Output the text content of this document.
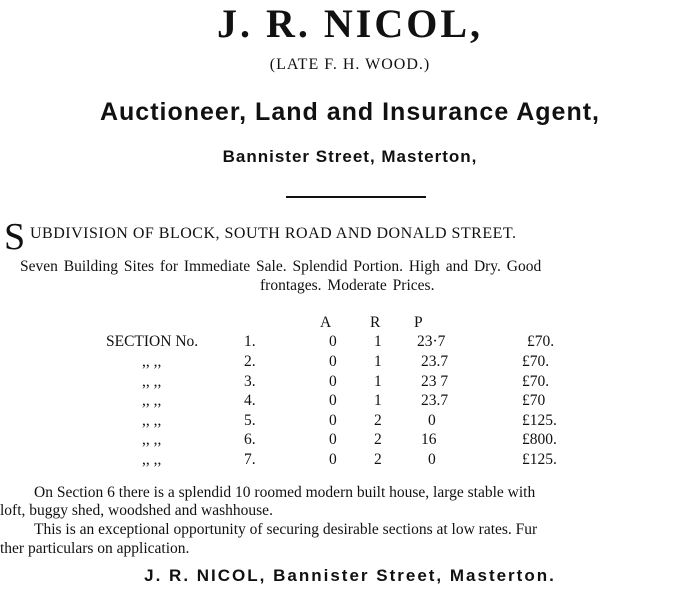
J. R. NICOL,
(LATE F. H. WOOD.)
Auctioneer, Land and Insurance Agent,
Bannister Street, Masterton,
S UBDIVISION OF BLOCK, SOUTH ROAD AND DONALD STREET.
Seven Building Sites for Immediate Sale. Splendid Portion. High and Dry. Good
frontages. Moderate Prices.
A	R P
SECTION No.	1.	0 1 23·7	£70.
,, ,,	2.	0 1	23.7	£70.
,, ,,	3.	0 1	23 7	£70.
,, ,,	4.	0 1	23.7	£70
,, ,,	5.	0 2	0	£125.
,, ,,	6.	0 2	16	£800.
,, ,,	7.	0 2	0	£125.
On Section 6 there is a splendid 10 roomed modern built house, large stable with
loft, buggy shed, woodshed and washhouse.
This is an exceptional opportunity of securing desirable sections at low rates. Fur
ther particulars on application.
J. R. NICOL, Bannister Street, Masterton.
